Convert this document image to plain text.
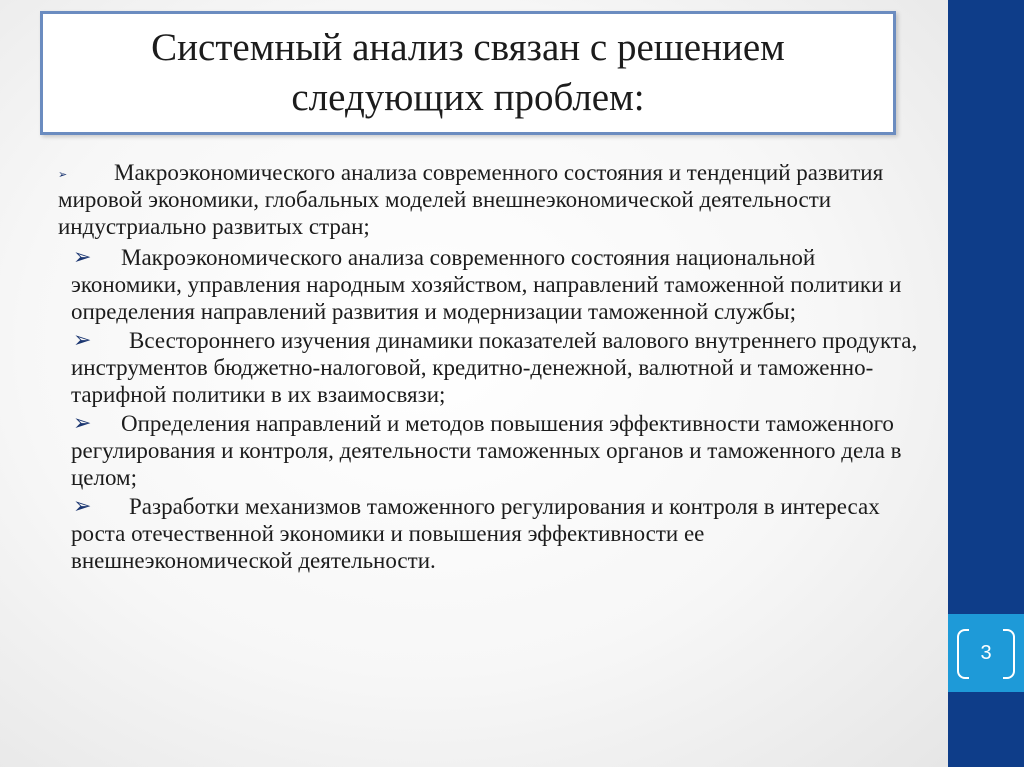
3
Системный анализ связан с решением следующих проблем:
➢	Макроэкономического анализа современного состояния и тенденций развития мировой экономики, глобальных моделей внешнеэкономической деятельности индустриально развитых стран;
➢	Макроэкономического анализа современного состояния национальной экономики, управления народным хозяйством, направлений таможенной политики и определения направлений развития и модернизации таможенной службы;
➢	Всестороннего изучения динамики показателей валового внутреннего продукта, инструментов бюджетно-налоговой, кредитно-денежной, валютной и таможенно-тарифной политики в их взаимосвязи;
➢	Определения направлений и методов повышения эффективности таможенного регулирования и контроля, деятельности таможенных органов и таможенного дела в целом;
➢	Разработки механизмов таможенного регулирования и контроля в интересах роста отечественной экономики и повышения эффективности ее внешнеэкономической деятельности.
